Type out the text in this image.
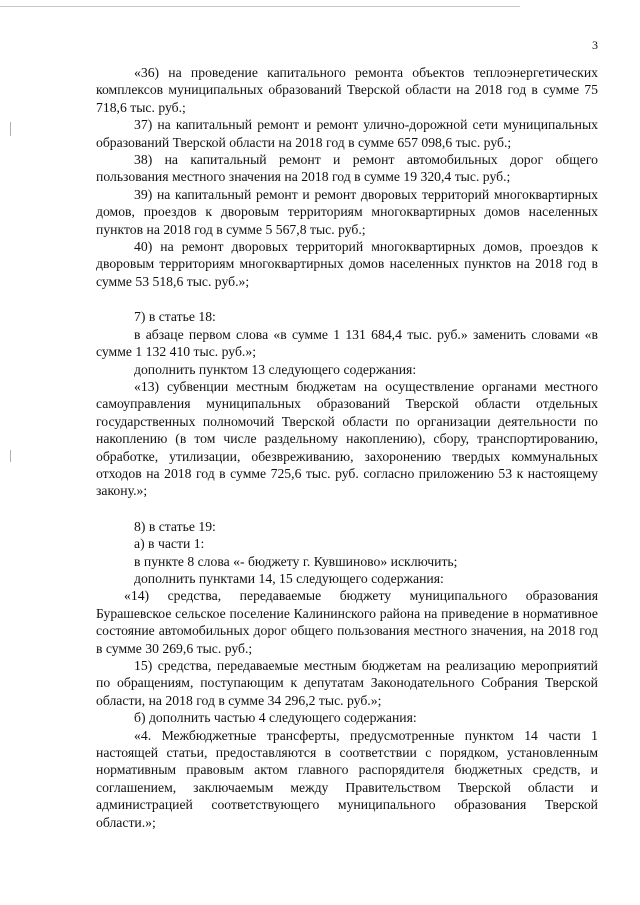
3

«36) на проведение капитального ремонта объектов теплоэнергетических комплексов муниципальных образований Тверской области на 2018 год в сумме 75 718,6 тыс. руб.;

37) на капитальный ремонт и ремонт улично-дорожной сети муниципальных образований Тверской области на 2018 год в сумме 657 098,6 тыс. руб.;

38) на капитальный ремонт и ремонт автомобильных дорог общего пользования местного значения на 2018 год в сумме 19 320,4 тыс. руб.;

39) на капитальный ремонт и ремонт дворовых территорий многоквартирных домов, проездов к дворовым территориям многоквартирных домов населенных пунктов на 2018 год в сумме 5 567,8 тыс. руб.;

40) на ремонт дворовых территорий многоквартирных домов, проездов к дворовым территориям многоквартирных домов населенных пунктов на 2018 год в сумме 53 518,6 тыс. руб.»;

7) в статье 18:

в абзаце первом слова «в сумме 1 131 684,4 тыс. руб.» заменить словами «в сумме 1 132 410 тыс. руб.»;

дополнить пунктом 13 следующего содержания:

«13) субвенции местным бюджетам на осуществление органами местного самоуправления муниципальных образований Тверской области отдельных государственных полномочий Тверской области по организации деятельности по накоплению (в том числе раздельному накоплению), сбору, транспортированию, обработке, утилизации, обезвреживанию, захоронению твердых коммунальных отходов на 2018 год в сумме 725,6 тыс. руб. согласно приложению 53 к настоящему закону.»;

8) в статье 19:

а) в части 1:

в пункте 8 слова «- бюджету г. Кувшиново» исключить;

дополнить пунктами 14, 15 следующего содержания:

«14) средства, передаваемые бюджету муниципального образования Бурашевское сельское поселение Калининского района на приведение в нормативное состояние автомобильных дорог общего пользования местного значения, на 2018 год в сумме 30 269,6 тыс. руб.;

15) средства, передаваемые местным бюджетам на реализацию мероприятий по обращениям, поступающим к депутатам Законодательного Собрания Тверской области, на 2018 год в сумме 34 296,2 тыс. руб.»;

б) дополнить частью 4 следующего содержания:

«4. Межбюджетные трансферты, предусмотренные пунктом 14 части 1 настоящей статьи, предоставляются в соответствии с порядком, установленным нормативным правовым актом главного распорядителя бюджетных средств, и соглашением, заключаемым между Правительством Тверской области и администрацией соответствующего муниципального образования Тверской области.»;
